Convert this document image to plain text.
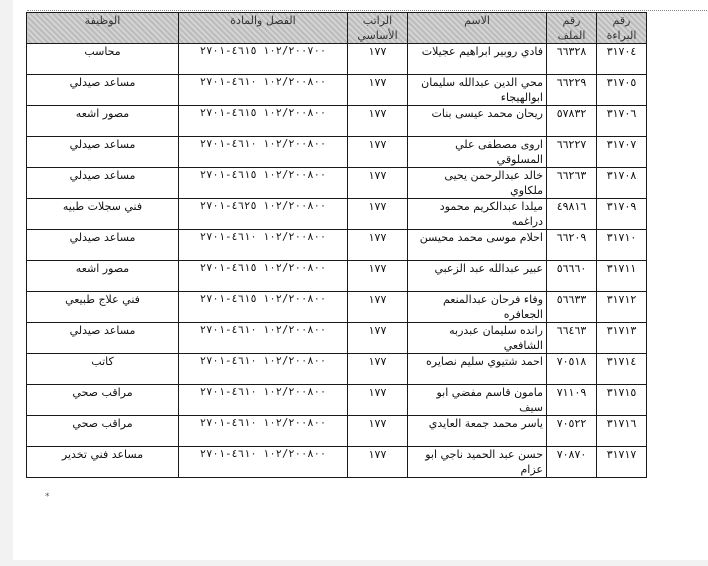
رقم البراءة	رقم الملف	الاسم	الراتب الأساسي	الفصل والمادة	الوظيفة
٣١٧٠٤	٦٦٣٢٨	فادي روبير ابراهيم عجيلات	١٧٧	١٠٢/٢٠٠٧٠٠ ٤٦١٥-٢٧٠١	محاسب
٣١٧٠٥	٦٦٢٢٩	محي الدين عبدالله سليمان ابوالهيجاء	١٧٧	١٠٢/٢٠٠٨٠٠ ٤٦١٠-٢٧٠١	مساعد صيدلي
٣١٧٠٦	٥٧٨٣٢	ريحان محمد عيسى بنات	١٧٧	١٠٢/٢٠٠٨٠٠ ٤٦١٥-٢٧٠١	مصور اشعه
٣١٧٠٧	٦٦٢٢٧	اروى مصطفى علي المسلوقي	١٧٧	١٠٢/٢٠٠٨٠٠ ٤٦١٠-٢٧٠١	مساعد صيدلي
٣١٧٠٨	٦٦٢٦٣	خالد عبدالرحمن يحيى ملكاوي	١٧٧	١٠٢/٢٠٠٨٠٠ ٤٦١٥-٢٧٠١	مساعد صيدلي
٣١٧٠٩	٤٩٨١٦	ميلدا عبدالكريم محمود دراغمه	١٧٧	١٠٢/٢٠٠٨٠٠ ٤٦٢٥-٢٧٠١	فني سجلات طبيه
٣١٧١٠	٦٦٢٠٩	احلام موسى محمد محيسن	١٧٧	١٠٢/٢٠٠٨٠٠ ٤٦١٠-٢٧٠١	مساعد صيدلي
٣١٧١١	٥٦٦٦٠	عبير عبدالله عبد الزعبي	١٧٧	١٠٢/٢٠٠٨٠٠ ٤٦١٥-٢٧٠١	مصور اشعه
٣١٧١٢	٥٦٦٣٣	وفاء فرحان عبدالمنعم الجعافره	١٧٧	١٠٢/٢٠٠٨٠٠ ٤٦١٥-٢٧٠١	فني علاج طبيعي
٣١٧١٣	٦٦٤٦٣	رانده سليمان عبدربه الشافعي	١٧٧	١٠٢/٢٠٠٨٠٠ ٤٦١٠-٢٧٠١	مساعد صيدلي
٣١٧١٤	٧٠٥١٨	احمد شتيوي سليم نصايره	١٧٧	١٠٢/٢٠٠٨٠٠ ٤٦١٠-٢٧٠١	كاتب
٣١٧١٥	٧١١٠٩	مامون قاسم مفضي ابو سيف	١٧٧	١٠٢/٢٠٠٨٠٠ ٤٦١٠-٢٧٠١	مراقب صحي
٣١٧١٦	٧٠٥٢٢	ياسر محمد جمعة العايدي	١٧٧	١٠٢/٢٠٠٨٠٠ ٤٦١٠-٢٧٠١	مراقب صحي
٣١٧١٧	٧٠٨٧٠	حسن عبد الحميد ناجي ابو عزام	١٧٧	١٠٢/٢٠٠٨٠٠ ٤٦١٠-٢٧٠١	مساعد فني تخدير
*
